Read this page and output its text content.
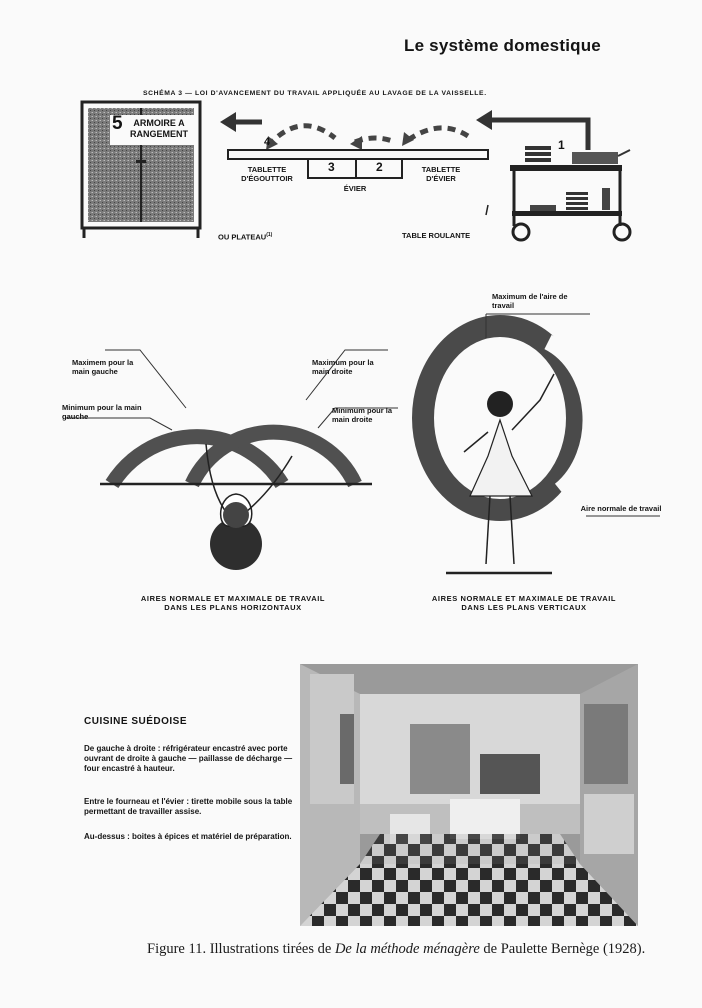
Le système domestique
SCHÉMA 3 — LOI D'AVANCEMENT DU TRAVAIL APPLIQUÉE AU LAVAGE DE LA VAISSELLE.
5	ARMOIRE A
RANGEMENT
4
3	2
1
TABLETTE
D'ÉGOUTTOIR
ÉVIER
TABLETTE
D'ÉVIER
OU PLATEAU$^{(1)}$	TABLE ROULANTE
Maximem pour la main gauche
Maximum pour la main droite
Minimum pour la main gauche
Minimum pour la main droite
Maximum de l'aire de travail
Aire normale de travail
AIRES NORMALE ET MAXIMALE DE TRAVAIL
DANS LES PLANS HORIZONTAUX
AIRES NORMALE ET MAXIMALE DE TRAVAIL
DANS LES PLANS VERTICAUX
CUISINE SUÉDOISE
De gauche à droite : réfrigérateur encastré avec porte ouvrant de droite à gauche — paillasse de décharge — four encastré à hauteur.
Entre le fourneau et l'évier : tirette mobile sous la table permettant de travailler assise.
Au-dessus : boites à épices et matériel de préparation.
Figure 11. Illustrations tirées de De la méthode ménagère de Paulette Bernège (1928).
